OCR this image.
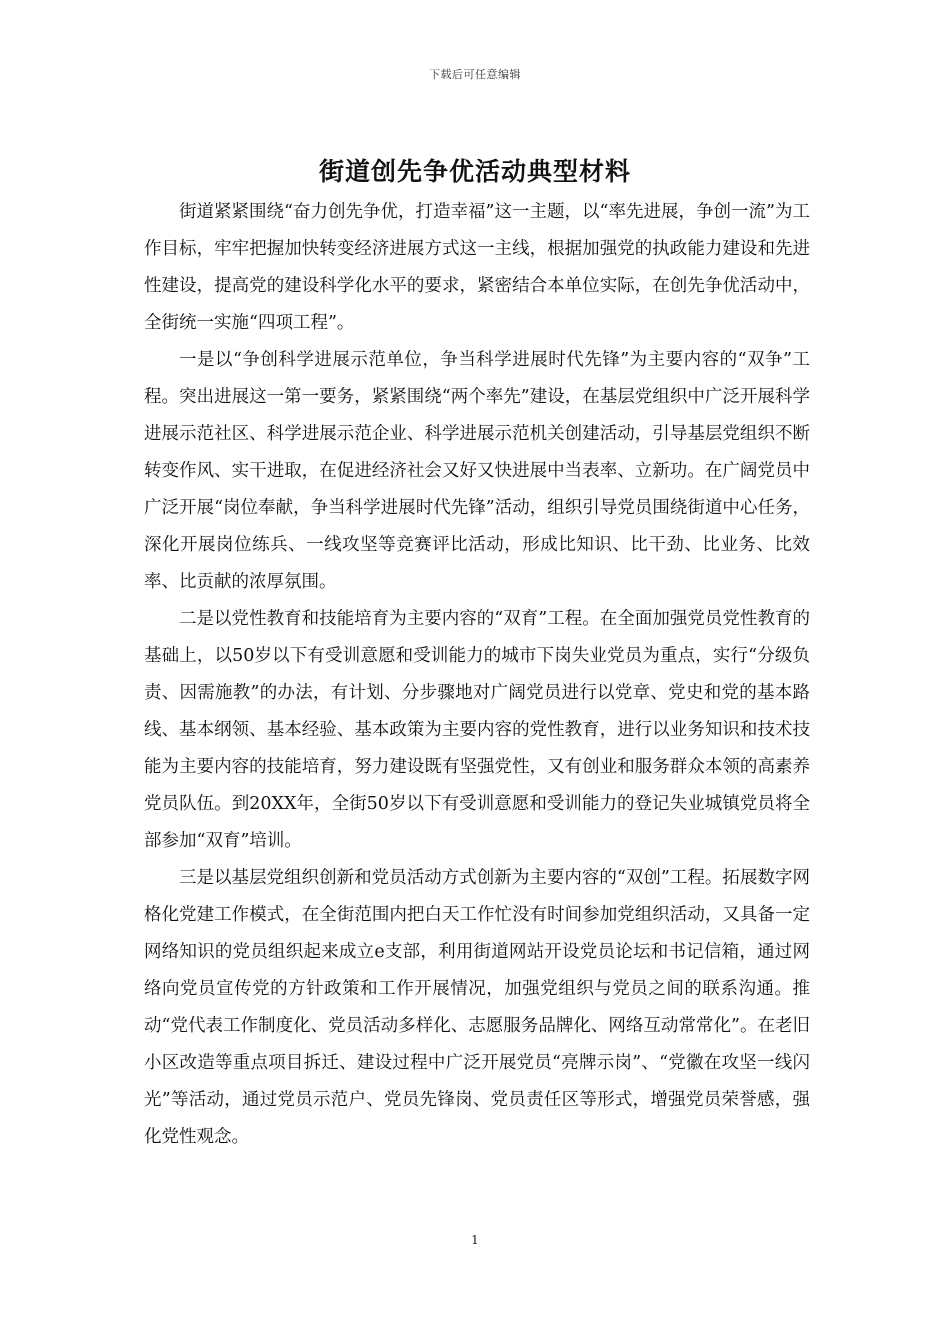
下载后可任意编辑
街道创先争优活动典型材料

街道紧紧围绕“奋力创先争优，打造幸福”这一主题，以“率先进展，争创一流”为工作目标，牢牢把握加快转变经济进展方式这一主线，根据加强党的执政能力建设和先进性建设，提高党的建设科学化水平的要求，紧密结合本单位实际，在创先争优活动中，全街统一实施“四项工程”。

一是以“争创科学进展示范单位，争当科学进展时代先锋”为主要内容的“双争”工程。突出进展这一第一要务，紧紧围绕“两个率先”建设，在基层党组织中广泛开展科学进展示范社区、科学进展示范企业、科学进展示范机关创建活动，引导基层党组织不断转变作风、实干进取，在促进经济社会又好又快进展中当表率、立新功。在广阔党员中广泛开展“岗位奉献，争当科学进展时代先锋”活动，组织引导党员围绕街道中心任务，深化开展岗位练兵、一线攻坚等竞赛评比活动，形成比知识、比干劲、比业务、比效率、比贡献的浓厚氛围。

二是以党性教育和技能培育为主要内容的“双育”工程。在全面加强党员党性教育的基础上，以50岁以下有受训意愿和受训能力的城市下岗失业党员为重点，实行“分级负责、因需施教”的办法，有计划、分步骤地对广阔党员进行以党章、党史和党的基本路线、基本纲领、基本经验、基本政策为主要内容的党性教育，进行以业务知识和技术技能为主要内容的技能培育，努力建设既有坚强党性，又有创业和服务群众本领的高素养党员队伍。到20XX年，全街50岁以下有受训意愿和受训能力的登记失业城镇党员将全部参加“双育”培训。

三是以基层党组织创新和党员活动方式创新为主要内容的“双创”工程。拓展数字网格化党建工作模式，在全街范围内把白天工作忙没有时间参加党组织活动，又具备一定网络知识的党员组织起来成立e支部，利用街道网站开设党员论坛和书记信箱，通过网络向党员宣传党的方针政策和工作开展情况，加强党组织与党员之间的联系沟通。推动“党代表工作制度化、党员活动多样化、志愿服务品牌化、网络互动常常化”。在老旧小区改造等重点项目拆迁、建设过程中广泛开展党员“亮牌示岗”、“党徽在攻坚一线闪光”等活动，通过党员示范户、党员先锋岗、党员责任区等形式，增强党员荣誉感，强化党性观念。

1
